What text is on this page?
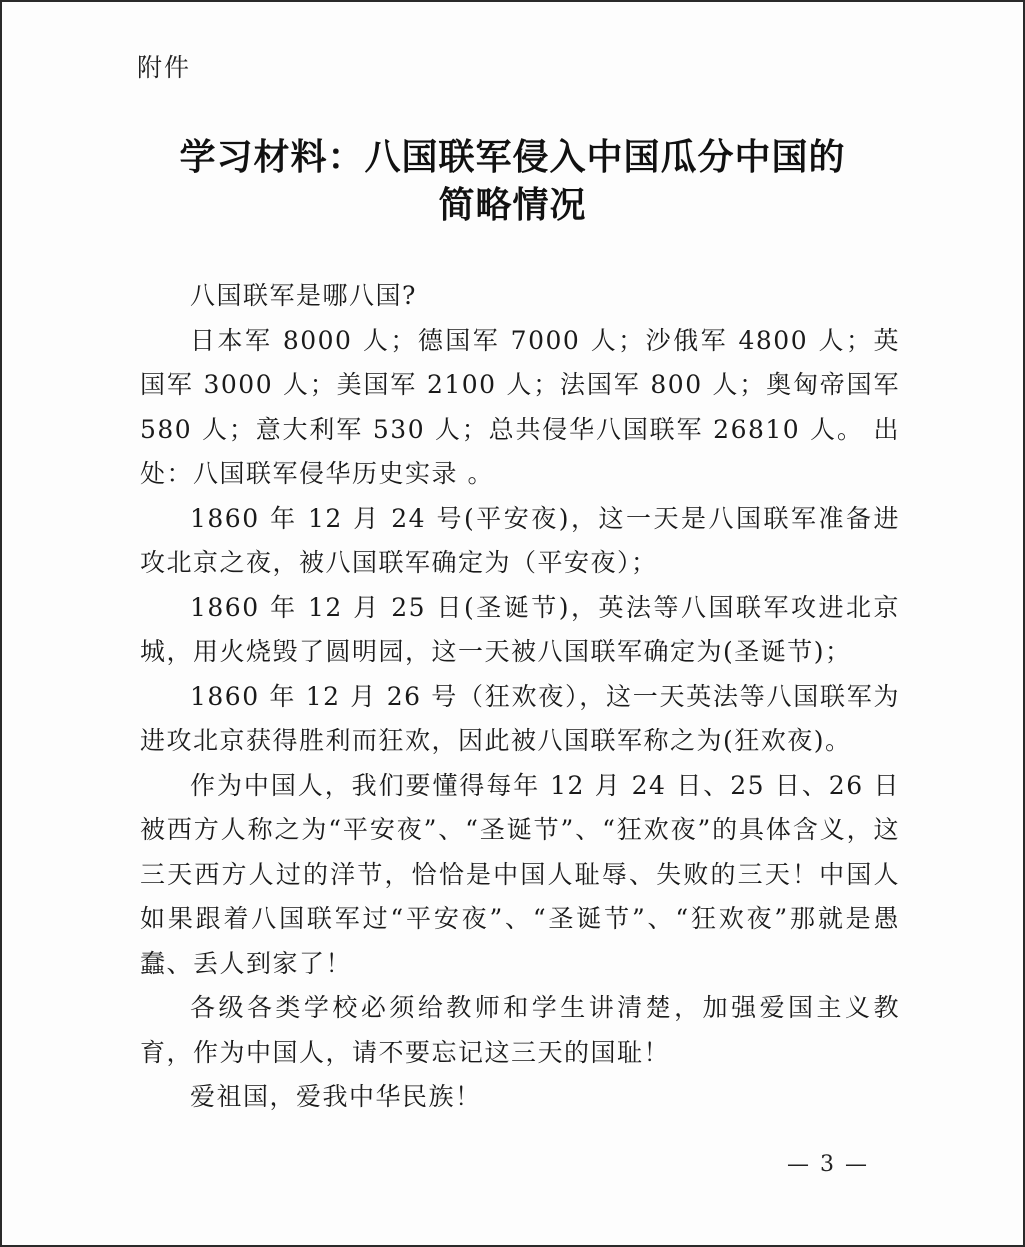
附件
学习材料：八国联军侵入中国瓜分中国的
简略情况

八国联军是哪八国?

日本军 8000 人；德国军 7000 人；沙俄军 4800 人；英国军 3000 人；美国军 2100 人；法国军 800 人；奥匈帝国军 580 人；意大利军 530 人；总共侵华八国联军 26810 人。 出处：八国联军侵华历史实录 。

1860 年 12 月 24 号(平安夜)，这一天是八国联军准备进攻北京之夜，被八国联军确定为（平安夜）；

1860 年 12 月 25 日(圣诞节)，英法等八国联军攻进北京城，用火烧毁了圆明园，这一天被八国联军确定为(圣诞节)；

1860 年 12 月 26 号（狂欢夜），这一天英法等八国联军为进攻北京获得胜利而狂欢，因此被八国联军称之为(狂欢夜)。

作为中国人，我们要懂得每年 12 月 24 日、25 日、26 日被西方人称之为“平安夜”、“圣诞节”、“狂欢夜”的具体含义，这三天西方人过的洋节，恰恰是中国人耻辱、失败的三天！中国人如果跟着八国联军过“平安夜”、“圣诞节”、“狂欢夜”那就是愚蠢、丢人到家了！

各级各类学校必须给教师和学生讲清楚，加强爱国主义教育，作为中国人，请不要忘记这三天的国耻！

爱祖国，爱我中华民族！

— 3 —
